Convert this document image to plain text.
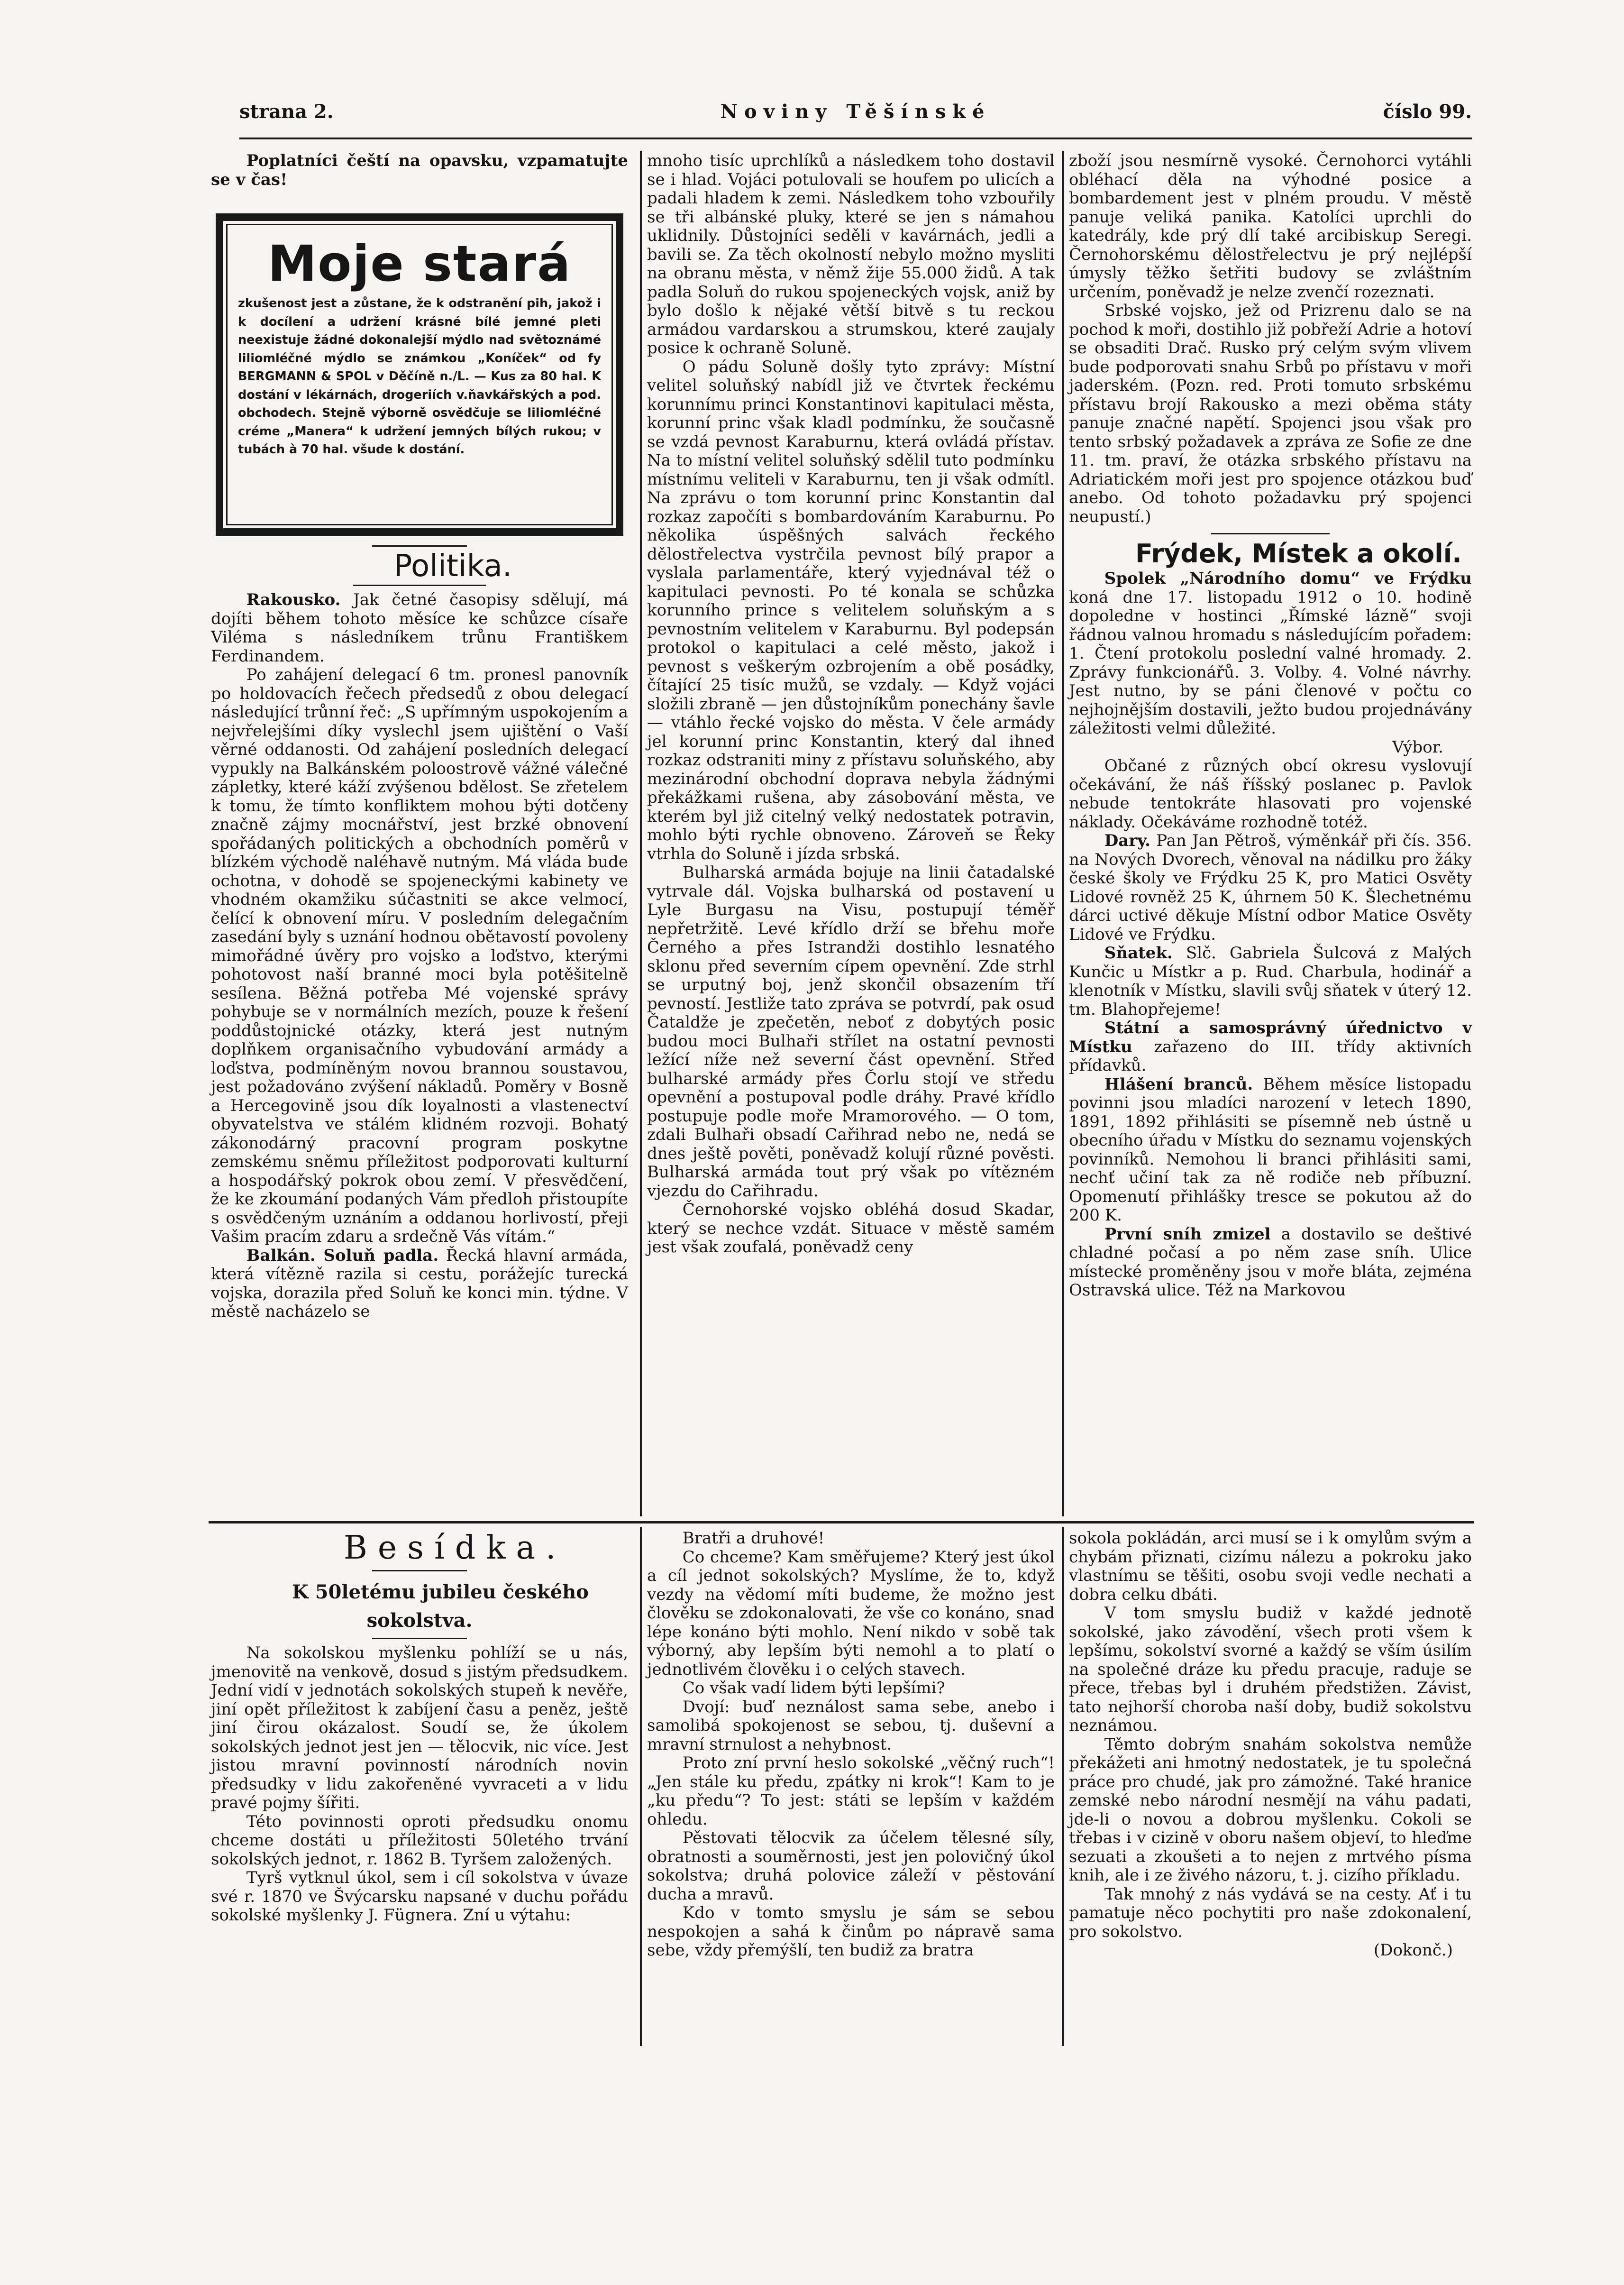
strana 2.	Noviny Těšínské	číslo 99.

Poplatníci čeští na opavsku, vzpamatujte se v čas!

Moje stará
zkušenost jest a zůstane, že k odstranění pih, jakož i k docílení a udržení krásné bílé jemné pleti neexistuje žádné dokonalejší mýdlo nad světoznámé liliomléčné mýdlo se známkou „Koníček“ od fy BERGMANN & SPOL v Děčíně n./L. — Kus za 80 hal. K dostání v lékárnách, drogeriích v.ňavkářských a pod. obchodech. Stejně výborně osvědčuje se liliomléčné créme „Manera“ k udržení jemných bílých rukou; v tubách à 70 hal. všude k dostání.

Politika.

Rakousko. Jak četné časopisy sdělují, má dojíti během tohoto měsíce ke schůzce císaře Viléma s následníkem trůnu Františkem Ferdinandem.

Po zahájení delegací 6 tm. pronesl panovník po holdovacích řečech předsedů z obou delegací následující trůnní řeč: „S upřímným uspokojením a nejvřelejšími díky vyslechl jsem ujištění o Vaší věrné oddanosti. Od zahájení posledních delegací vypukly na Balkánském poloostrově vážné válečné zápletky, které káží zvýšenou bdělost. Se zřetelem k tomu, že tímto konfliktem mohou býti dotčeny značně zájmy mocnářství, jest brzké obnovení spořádaných politických a obchodních poměrů v blízkém východě naléhavě nutným. Má vláda bude ochotna, v dohodě se spojeneckými kabinety ve vhodném okamžiku súčastniti se akce velmocí, čelící k obnovení míru. V posledním delegačním zasedání byly s uznání hodnou obětavostí povoleny mimořádné úvěry pro vojsko a loďstvo, kterými pohotovost naší branné moci byla potěšitelně sesílena. Běžná potřeba Mé vojenské správy pohybuje se v normálních mezích, pouze k řešení poddůstojnické otázky, která jest nutným doplňkem organisačního vybudování armády a loďstva, podmíněným novou brannou soustavou, jest požadováno zvýšení nákladů. Poměry v Bosně a Hercegovině jsou dík loyalnosti a vlastenectví obyvatelstva ve stálém klidném rozvoji. Bohatý zákonodárný pracovní program poskytne zemskému sněmu příležitost podporovati kulturní a hospodářský pokrok obou zemí. V přesvědčení, že ke zkoumání podaných Vám předloh přistoupíte s osvědčeným uznáním a oddanou horlivostí, přeji Vašim pracím zdaru a srdečně Vás vítám.“

Balkán. Soluň padla. Řecká hlavní armáda, která vítězně razila si cestu, porážejíc turecká vojska, dorazila před Soluň ke konci min. týdne. V městě nacházelo se

mnoho tisíc uprchlíků a následkem toho dostavil se i hlad. Vojáci potulovali se houfem po ulicích a padali hladem k zemi. Následkem toho vzbouřily se tři albánské pluky, které se jen s námahou uklidnily. Důstojníci seděli v kavárnách, jedli a bavili se. Za těch okolností nebylo možno mysliti na obranu města, v němž žije 55.000 židů. A tak padla Soluň do rukou spojeneckých vojsk, aniž by bylo došlo k nějaké větší bitvě s tu reckou armádou vardarskou a strumskou, které zaujaly posice k ochraně Soluně.

O pádu Soluně došly tyto zprávy: Místní velitel soluňský nabídl již ve čtvrtek řeckému korunnímu princi Konstantinovi kapitulaci města, korunní princ však kladl podmínku, že současně se vzdá pevnost Karaburnu, která ovládá přístav. Na to místní velitel soluňský sdělil tuto podmínku místnímu veliteli v Karaburnu, ten ji však odmítl. Na zprávu o tom korunní princ Konstantin dal rozkaz započíti s bombardováním Karaburnu. Po několika úspěšných salvách řeckého dělostřelectva vystrčila pevnost bílý prapor a vyslala parlamentáře, který vyjednával též o kapitulaci pevnosti. Po té konala se schůzka korunního prince s velitelem soluňským a s pevnostním velitelem v Karaburnu. Byl podepsán protokol o kapitulaci a celé město, jakož i pevnost s veškerým ozbrojením a obě posádky, čítající 25 tisíc mužů, se vzdaly. — Když vojáci složili zbraně — jen důstojníkům ponechány šavle — vtáhlo řecké vojsko do města. V čele armády jel korunní princ Konstantin, který dal ihned rozkaz odstraniti miny z přístavu soluňského, aby mezinárodní obchodní doprava nebyla žádnými překážkami rušena, aby zásobování města, ve kterém byl již citelný velký nedostatek potravin, mohlo býti rychle obnoveno. Zároveň se Řeky vtrhla do Soluně i jízda srbská.

Bulharská armáda bojuje na linii čatadalské vytrvale dál. Vojska bulharská od postavení u Lyle Burgasu na Visu, postupují téměř nepřetržitě. Levé křídlo drží se břehu moře Černého a přes Istrandži dostihlo lesnatého sklonu před severním cípem opevnění. Zde strhl se urputný boj, jenž skončil obsazením tří pevností. Jestliže tato zpráva se potvrdí, pak osud Čataldže je zpečetěn, neboť z dobytých posic budou moci Bulhaři střílet na ostatní pevnosti ležící níže než severní část opevnění. Střed bulharské armády přes Čorlu stojí ve středu opevnění a postupoval podle dráhy. Pravé křídlo postupuje podle moře Mramorového. — O tom, zdali Bulhaři obsadí Cařihrad nebo ne, nedá se dnes ještě pověti, poněvadž kolují různé pověsti. Bulharská armáda tout prý však po vítězném vjezdu do Cařihradu.

Černohorské vojsko obléhá dosud Skadar, který se nechce vzdát. Situace v městě samém jest však zoufalá, poněvadž ceny

zboží jsou nesmírně vysoké. Černohorci vytáhli obléhací děla na výhodné posice a bombardement jest v plném proudu. V městě panuje veliká panika. Katolíci uprchli do katedrály, kde prý dlí také arcibiskup Seregi. Černohorskému dělostřelectvu je prý nejlépší úmysly těžko šetřiti budovy se zvláštním určením, poněvadž je nelze zvenčí rozeznati.

Srbské vojsko, jež od Prizrenu dalo se na pochod k moři, dostihlo již pobřeží Adrie a hotoví se obsaditi Drač. Rusko prý celým svým vlivem bude podporovati snahu Srbů po přístavu v moři jaderském. (Pozn. red. Proti tomuto srbskému přístavu brojí Rakousko a mezi oběma státy panuje značné napětí. Spojenci jsou však pro tento srbský požadavek a zpráva ze Sofie ze dne 11. tm. praví, že otázka srbského přístavu na Adriatickém moři jest pro spojence otázkou buď anebo. Od tohoto požadavku prý spojenci neupustí.)

Frýdek, Místek a okolí.

Spolek „Národního domu“ ve Frýdku koná dne 17. listopadu 1912 o 10. hodině dopoledne v hostinci „Římské lázně“ svoji řádnou valnou hromadu s následujícím pořadem: 1. Čtení protokolu poslední valné hromady. 2. Zprávy funkcionářů. 3. Volby. 4. Volné návrhy. Jest nutno, by se páni členové v počtu co nejhojnějším dostavili, ježto budou projednávány záležitosti velmi důležité.

Výbor.

Občané z různých obcí okresu vyslovují očekávání, že náš říšský poslanec p. Pavlok nebude tentokráte hlasovati pro vojenské náklady. Očekáváme rozhodně totéž.

Dary. Pan Jan Pětroš, výměnkář při čís. 356. na Nových Dvorech, věnoval na nádilku pro žáky české školy ve Frýdku 25 K, pro Matici Osvěty Lidové rovněž 25 K, úhrnem 50 K. Šlechetnému dárci uctivé děkuje Místní odbor Matice Osvěty Lidové ve Frýdku.

Sňatek. Slč. Gabriela Šulcová z Malých Kunčic u Místkr a p. Rud. Charbula, hodinář a klenotník v Místku, slavili svůj sňatek v úterý 12. tm. Blahopřejeme!

Státní a samosprávný úřednictvo v Místku zařazeno do III. třídy aktivních přídavků.

Hlášení branců. Během měsíce listopadu povinni jsou mladíci narození v letech 1890, 1891, 1892 přihlásiti se písemně neb ústně u obecního úřadu v Místku do seznamu vojenských povinníků. Nemohou li branci přihlásiti sami, nechť učiní tak za ně rodiče neb příbuzní. Opomenutí přihlášky tresce se pokutou až do 200 K.

První sníh zmizel a dostavilo se deštivé chladné počasí a po něm zase sníh. Ulice místecké proměněny jsou v moře bláta, zejména Ostravská ulice. Též na Markovou

Besídka.

K 50letému jubileu českého sokolstva.

Na sokolskou myšlenku pohlíží se u nás, jmenovitě na venkově, dosud s jistým předsudkem. Jední vidí v jednotách sokolských stupeň k nevěře, jiní opět příležitost k zabíjení času a peněz, ještě jiní čirou okázalost. Soudí se, že úkolem sokolských jednot jest jen — tělocvik, nic více. Jest jistou mravní povinností národních novin předsudky v lidu zakořeněné vyvraceti a v lidu pravé pojmy šířiti.

Této povinnosti oproti předsudku onomu chceme dostáti u příležitosti 50letého trvání sokolských jednot, r. 1862 B. Tyršem založených.

Tyrš vytknul úkol, sem i cíl sokolstva v úvaze své r. 1870 ve Švýcarsku napsané v duchu pořádu sokolské myšlenky J. Fügnera. Zní u výtahu:

Bratři a druhové!

Co chceme? Kam směřujeme? Který jest úkol a cíl jednot sokolských? Myslíme, že to, když vezdy na vědomí míti budeme, že možno jest člověku se zdokonalovati, že vše co konáno, snad lépe konáno býti mohlo. Není nikdo v sobě tak výborný, aby lepším býti nemohl a to platí o jednotlivém člověku i o celých stavech.

Co však vadí lidem býti lepšími?

Dvojí: buď neználost sama sebe, anebo i samolibá spokojenost se sebou, tj. duševní a mravní strnulost a nehybnost.

Proto zní první heslo sokolské „věčný ruch“! „Jen stále ku předu, zpátky ni krok“! Kam to je „ku předu“? To jest: státi se lepším v každém ohledu.

Pěstovati tělocvik za účelem tělesné síly, obratnosti a souměrnosti, jest jen polovičný úkol sokolstva; druhá polovice záleží v pěstování ducha a mravů.

Kdo v tomto smyslu je sám se sebou nespokojen a sahá k činům po nápravě sama sebe, vždy přemýšlí, ten budiž za bratra

sokola pokládán, arci musí se i k omylům svým a chybám přiznati, cizímu nálezu a pokroku jako vlastnímu se těšiti, osobu svoji vedle nechati a dobra celku dbáti.

V tom smyslu budiž v každé jednotě sokolské, jako závodění, všech proti všem k lepšímu, sokolství svorné a každý se vším úsilím na společné dráze ku předu pracuje, raduje se přece, třebas byl i druhém předstižen. Závist, tato nejhorší choroba naší doby, budiž sokolstvu neznámou.

Těmto dobrým snahám sokolstva nemůže překážeti ani hmotný nedostatek, je tu společná práce pro chudé, jak pro zámožné. Také hranice zemské nebo národní nesmějí na váhu padati, jde-li o novou a dobrou myšlenku. Cokoli se třebas i v cizině v oboru našem objeví, to hleďme sezuati a zkoušeti a to nejen z mrtvého písma knih, ale i ze živého názoru, t. j. cizího příkladu.

Tak mnohý z nás vydává se na cesty. Ať i tu pamatuje něco pochytiti pro naše zdokonalení, pro sokolstvo.

(Dokonč.)
